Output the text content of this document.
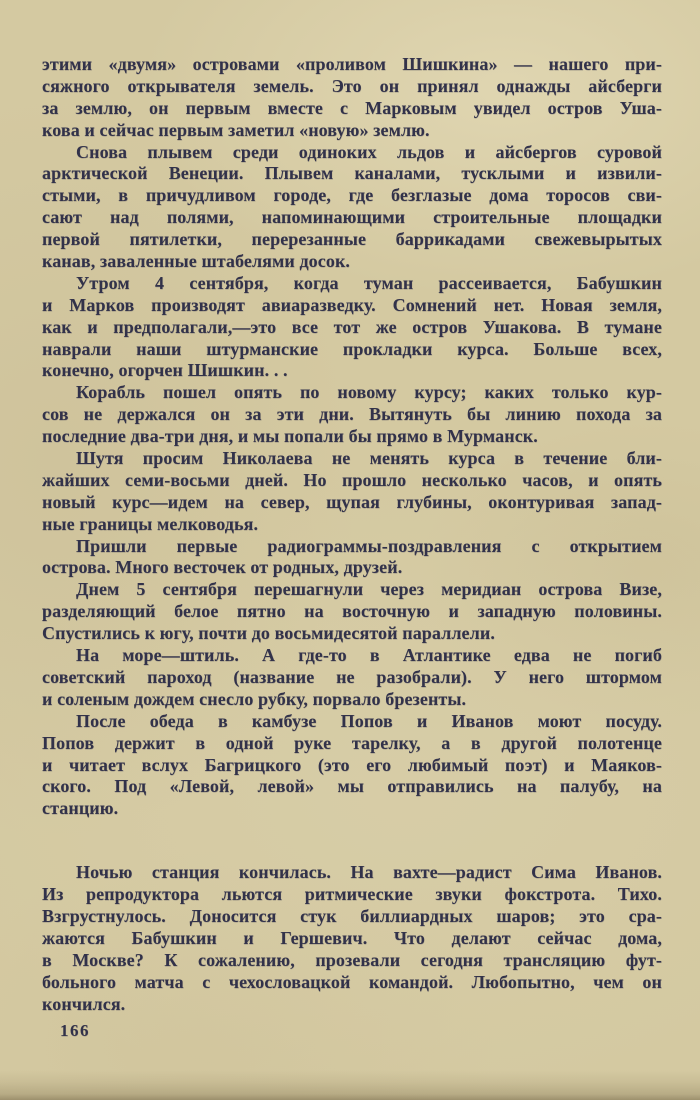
этими «двумя» островами «проливом Шишкина» — нашего при-
сяжного открывателя земель. Это он принял однажды айсберги
за землю, он первым вместе с Марковым увидел остров Уша-
кова и сейчас первым заметил «новую» землю.
Снова плывем среди одиноких льдов и айсбергов суровой
арктической Венеции. Плывем каналами, тусклыми и извили-
стыми, в причудливом городе, где безглазые дома торосов сви-
сают над полями, напоминающими строительные площадки
первой пятилетки, перерезанные баррикадами свежевырытых
канав, заваленные штабелями досок.
Утром 4 сентября, когда туман рассеивается, Бабушкин
и Марков производят авиаразведку. Сомнений нет. Новая земля,
как и предполагали,—это все тот же остров Ушакова. В тумане
наврали наши штурманские прокладки курса. Больше всех,
конечно, огорчен Шишкин. . .
Корабль пошел опять по новому курсу; каких только кур-
сов не держался он за эти дни. Вытянуть бы линию похода за
последние два-три дня, и мы попали бы прямо в Мурманск.
Шутя просим Николаева не менять курса в течение бли-
жайших семи-восьми дней. Но прошло несколько часов, и опять
новый курс—идем на север, щупая глубины, оконтуривая запад-
ные границы мелководья.
Пришли первые радиограммы-поздравления с открытием
острова. Много весточек от родных, друзей.
Днем 5 сентября перешагнули через меридиан острова Визе,
разделяющий белое пятно на восточную и западную половины.
Спустились к югу, почти до восьмидесятой параллели.
На море—штиль. А где-то в Атлантике едва не погиб
советский пароход (название не разобрали). У него штормом
и соленым дождем снесло рубку, порвало брезенты.
После обеда в камбузе Попов и Иванов моют посуду.
Попов держит в одной руке тарелку, а в другой полотенце
и читает вслух Багрицкого (это его любимый поэт) и Маяков-
ского. Под «Левой, левой» мы отправились на палубу, на
станцию.
Ночью станция кончилась. На вахте—радист Сима Иванов.
Из репродуктора льются ритмические звуки фокстрота. Тихо.
Взгрустнулось. Доносится стук биллиардных шаров; это сра-
жаются Бабушкин и Гершевич. Что делают сейчас дома,
в Москве? К сожалению, прозевали сегодня трансляцию фут-
больного матча с чехословацкой командой. Любопытно, чем он
кончился.
166
